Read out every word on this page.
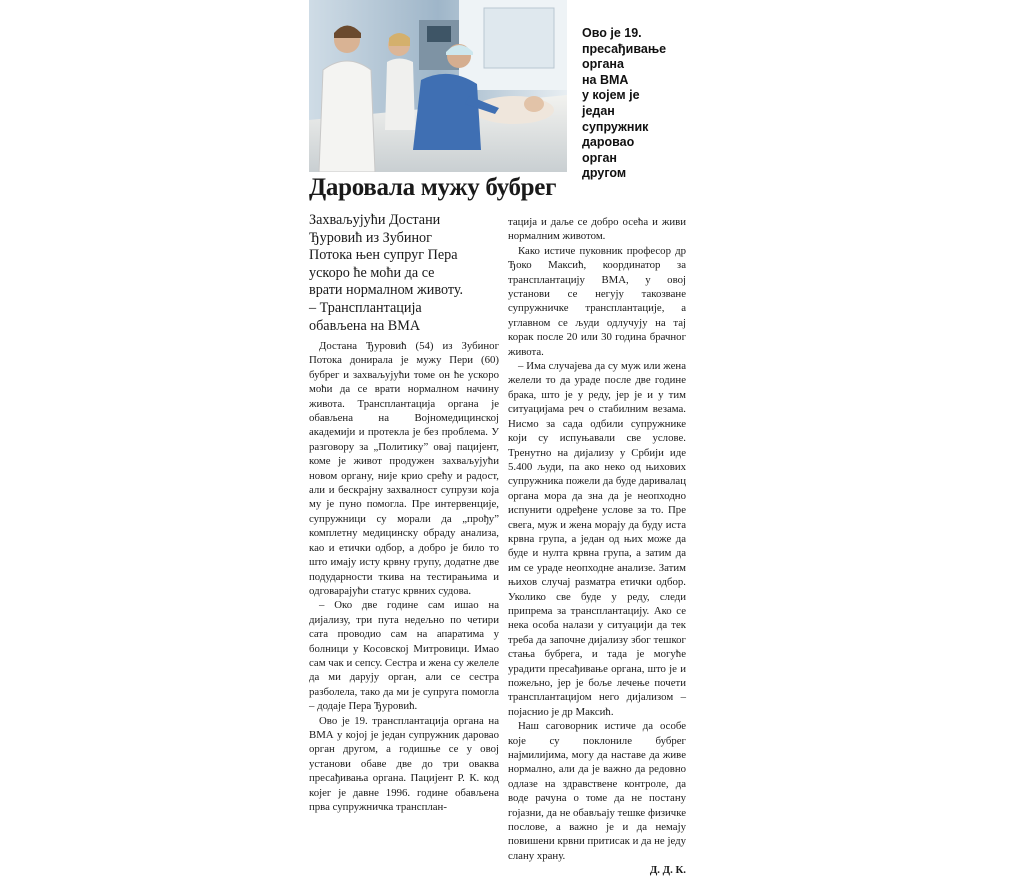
Ово је 19.
пресађивање
органа
на ВМА
у којем је
један
супружник
даровао
орган
другом
Даровала мужу бубрег
Захваљујући Достани
Ђуровић из Зубиног
Потока њен супруг Пера
ускоро ће моћи да се
врати нормалном животу.
– Трансплантација
обављена на ВМА

Достана Ђуровић (54) из Зубиног Потока донирала је мужу Пери (60) бубрег и захваљујући томе он ће ускоро моћи да се врати нормалном начину живота. Трансплантација органа је обављена на Војномедицинској академији и протекла је без проблема. У разговору за „Политику” овај пацијент, коме је живот продужен захваљујући новом органу, није крио срећу и радост, али и бескрајну захвалност супрузи која му је пуно помогла. Пре интервенције, супружници су морали да „прођу” комплетну медицинску обраду анализа, као и етички одбор, а добро је било то што имају исту крвну групу, додатне две подударности ткива на тестирањима и одговарајући статус крвних судова.

– Око две године сам ишао на дијализу, три пута недељно по четири сата проводио сам на апаратима у болници у Косовској Митровици. Имао сам чак и сепсу. Сестра и жена су желеле да ми дарују орган, али се сестра разболела, тако да ми је супруга помогла – додаје Пера Ђуровић.

Ово је 19. трансплантација органа на ВМА у којој је један супружник даровао орган другом, а годишње се у овој установи обаве две до три оваква пресађивања органа. Пацијент Р. К. код којег је давне 1996. године обављена прва супружничка трансплан-

тација и даље се добро осећа и живи нормалним животом.

Како истиче пуковник професор др Ђоко Максић, координатор за трансплантацију ВМА, у овој установи се негују такозване супружничке трансплантације, а углавном се људи одлучују на тај корак после 20 или 30 година брачног живота.

– Има случајева да су муж или жена желели то да ураде после две године брака, што је у реду, јер је и у тим ситуацијама реч о стабилним везама. Нисмо за сада одбили супружнике који су испуњавали све услове. Тренутно на дијализу у Србији иде 5.400 људи, па ако неко од њихових супружника пожели да буде даривалац органа мора да зна да је неопходно испунити одређене услове за то. Пре свега, муж и жена морају да буду иста крвна група, а један од њих може да буде и нулта крвна група, а затим да им се ураде неопходне анализе. Затим њихов случај разматра етички одбор. Уколико све буде у реду, следи припрема за трансплантацију. Ако се нека особа налази у ситуацији да тек треба да започне дијализу због тешког стања бубрега, и тада је могуће урадити пресађивање органа, што је и пожељно, јер је боље лечење почети трансплантацијом него дијализом – појаснио је др Максић.

Наш саговорник истиче да особе које су поклониле бубрег најмилијима, могу да наставе да живе нормално, али да је важно да редовно одлазе на здравствене контроле, да воде рачуна о томе да не постану гојазни, да не обављају тешке физичке послове, а важно је и да немају повишени крвни притисак и да не једу слану храну.

Д. Д. К.
